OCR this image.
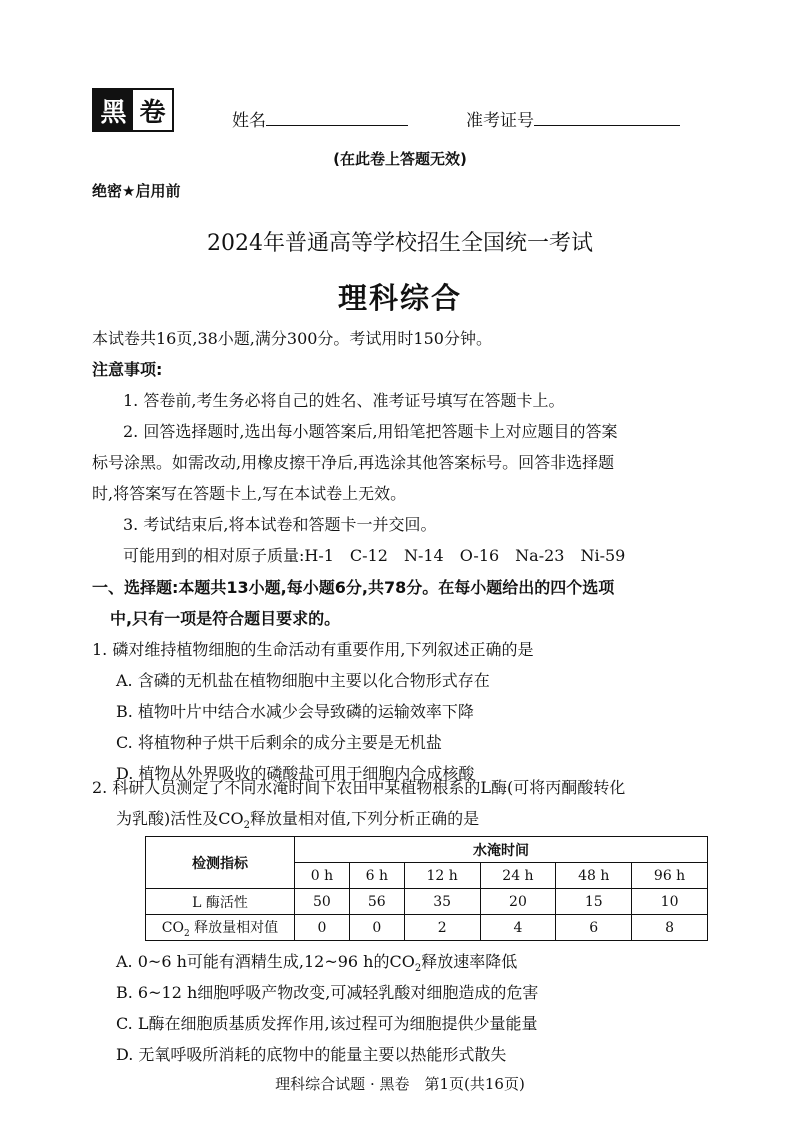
黑 卷	姓名	准考证号
(在此卷上答题无效)
绝密★启用前
2024年普通高等学校招生全国统一考试
理科综合
本试卷共16页,38小题,满分300分。考试用时150分钟。
注意事项:
1. 答卷前,考生务必将自己的姓名、准考证号填写在答题卡上。
2. 回答选择题时,选出每小题答案后,用铅笔把答题卡上对应题目的答案
标号涂黑。如需改动,用橡皮擦干净后,再选涂其他答案标号。回答非选择题
时,将答案写在答题卡上,写在本试卷上无效。
3. 考试结束后,将本试卷和答题卡一并交回。
可能用到的相对原子质量:H-1　C-12　N-14　O-16　Na-23　Ni-59
一、选择题:本题共13小题,每小题6分,共78分。在每小题给出的四个选项
中,只有一项是符合题目要求的。
1. 磷对维持植物细胞的生命活动有重要作用,下列叙述正确的是
A. 含磷的无机盐在植物细胞中主要以化合物形式存在
B. 植物叶片中结合水减少会导致磷的运输效率下降
C. 将植物种子烘干后剩余的成分主要是无机盐
D. 植物从外界吸收的磷酸盐可用于细胞内合成核酸
2. 科研人员测定了不同水淹时间下农田中某植物根系的L酶(可将丙酮酸转化
为乳酸)活性及$CO_2$释放量相对值,下列分析正确的是
检测指标	水淹时间					
	0 h	6 h	12 h	24 h	48 h	96 h
L 酶活性	50	56	35	20	15	10
$CO_2$ 释放量相对值	0	0	2	4	6	8
A. 0~6 h可能有酒精生成,12~96 h的$CO_2$释放速率降低
B. 6~12 h细胞呼吸产物改变,可减轻乳酸对细胞造成的危害
C. L酶在细胞质基质发挥作用,该过程可为细胞提供少量能量
D. 无氧呼吸所消耗的底物中的能量主要以热能形式散失
理科综合试题 · 黑卷　第1页(共16页)
